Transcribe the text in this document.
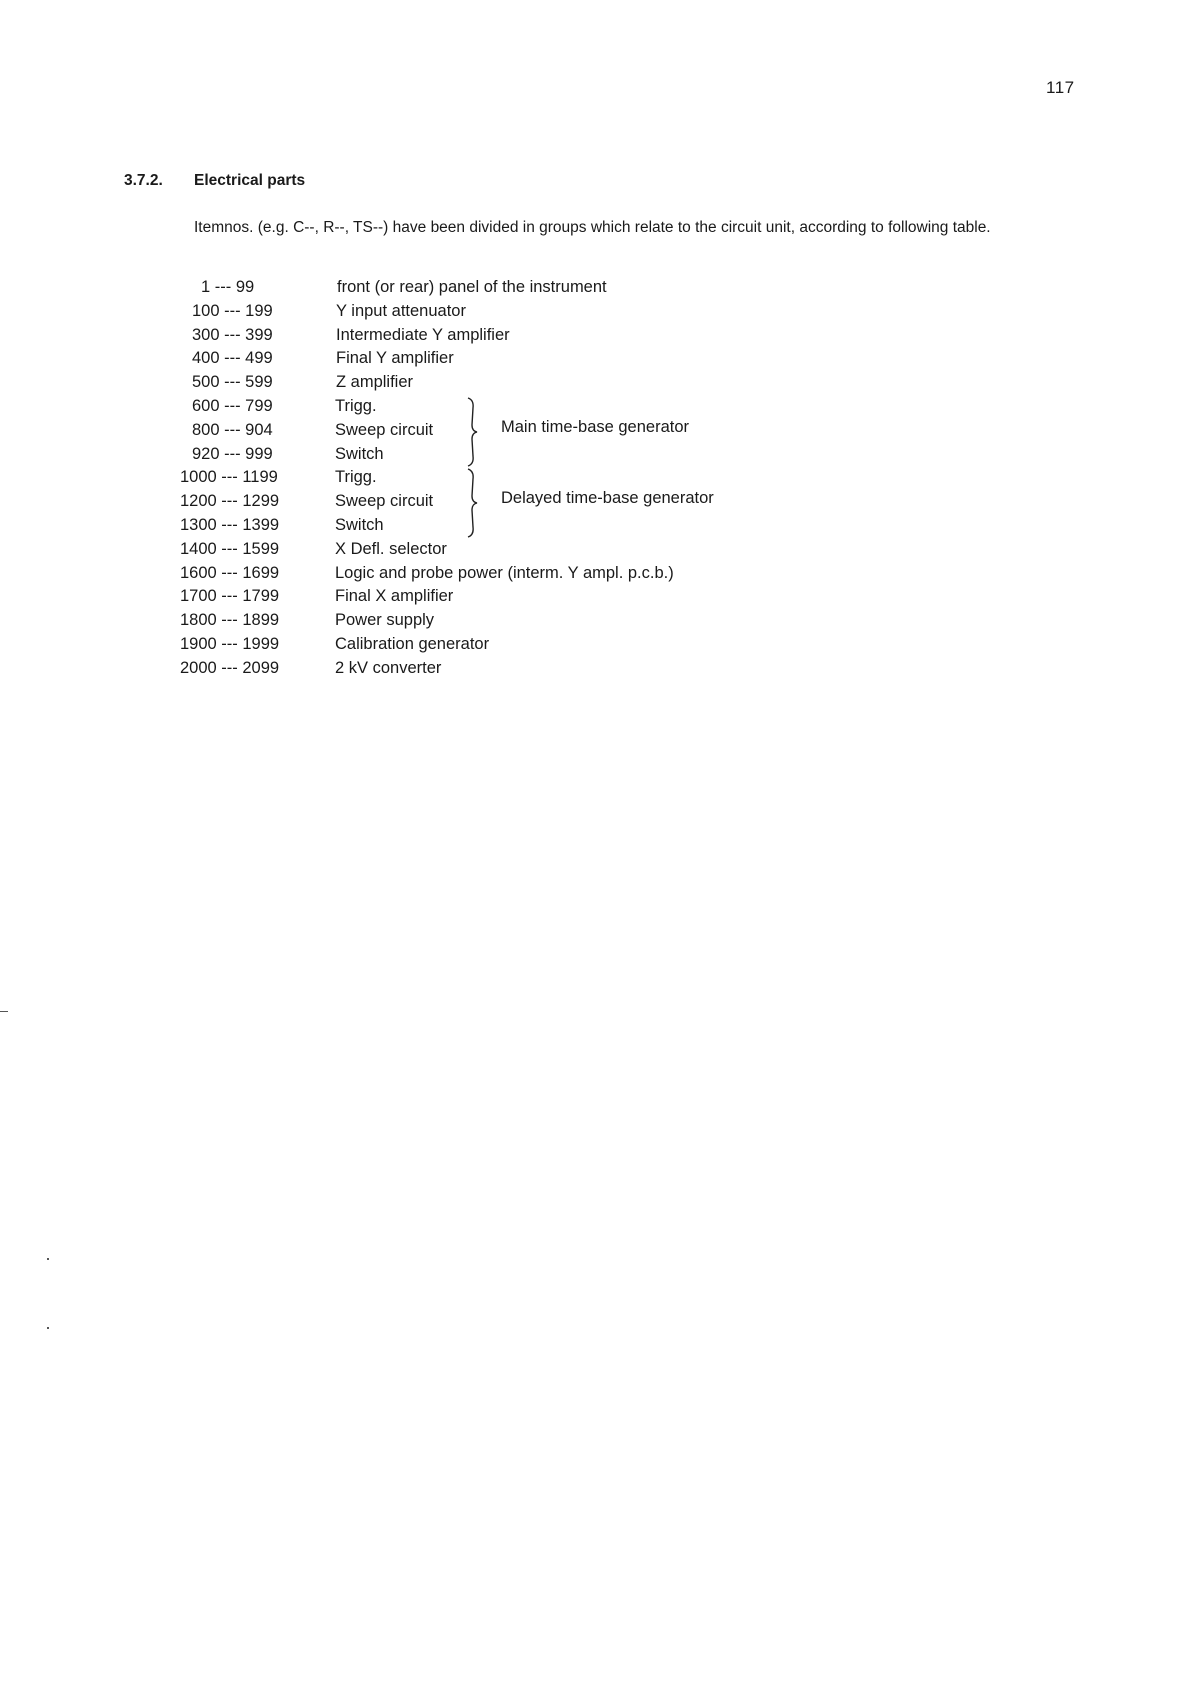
117
3.7.2. Electrical parts
Itemnos. (e.g. C--, R--, TS--) have been divided in groups which relate to the circuit unit, according to following table.
1 --- 99	front (or rear) panel of the instrument
100 --- 199	Y input attenuator
300 --- 399	Intermediate Y amplifier
400 --- 499	Final Y amplifier
500 --- 599	Z amplifier
600 --- 799	Trigg.
Main time-base generator
800 --- 904	Sweep circuit
920 --- 999	Switch
1000 --- 1199	Trigg.
Delayed time-base generator
1200 --- 1299	Sweep circuit
1300 --- 1399	Switch
1400 --- 1599	X Defl. selector
1600 --- 1699	Logic and probe power (interm. Y ampl. p.c.b.)
1700 --- 1799	Final X amplifier
1800 --- 1899	Power supply
1900 --- 1999	Calibration generator
2000 --- 2099	2 kV converter
